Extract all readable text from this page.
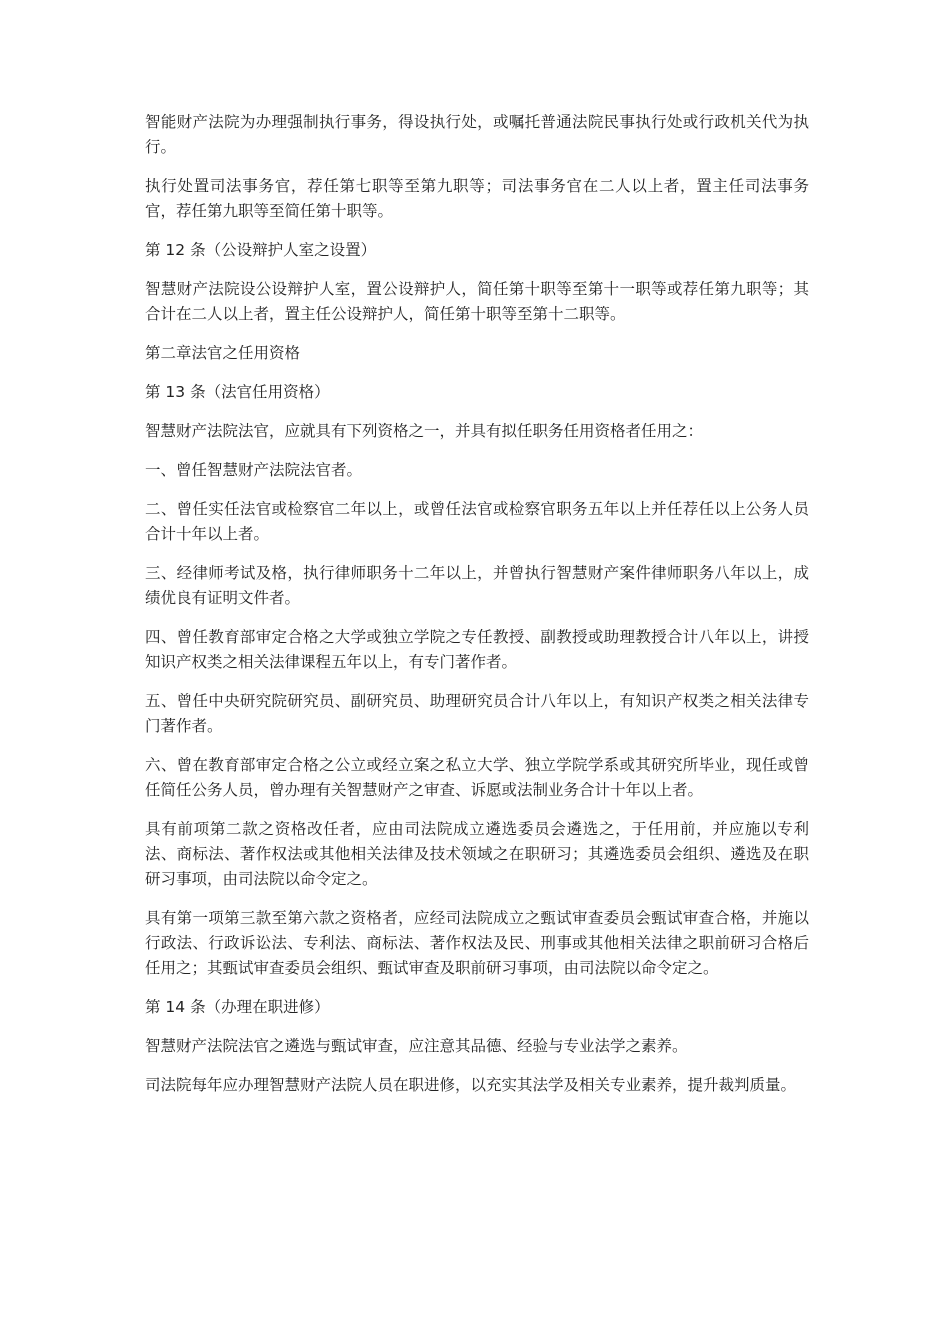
智能财产法院为办理强制执行事务，得设执行处，或嘱托普通法院民事执行处或行政机关代为执行。

执行处置司法事务官，荐任第七职等至第九职等；司法事务官在二人以上者，置主任司法事务官，荐任第九职等至简任第十职等。

第 12 条（公设辩护人室之设置）

智慧财产法院设公设辩护人室，置公设辩护人，简任第十职等至第十一职等或荐任第九职等；其合计在二人以上者，置主任公设辩护人，简任第十职等至第十二职等。

第二章法官之任用资格

第 13 条（法官任用资格）

智慧财产法院法官，应就具有下列资格之一，并具有拟任职务任用资格者任用之：

一、曾任智慧财产法院法官者。

二、曾任实任法官或检察官二年以上，或曾任法官或检察官职务五年以上并任荐任以上公务人员合计十年以上者。

三、经律师考试及格，执行律师职务十二年以上，并曾执行智慧财产案件律师职务八年以上，成绩优良有证明文件者。

四、曾任教育部审定合格之大学或独立学院之专任教授、副教授或助理教授合计八年以上，讲授知识产权类之相关法律课程五年以上，有专门著作者。

五、曾任中央研究院研究员、副研究员、助理研究员合计八年以上，有知识产权类之相关法律专门著作者。

六、曾在教育部审定合格之公立或经立案之私立大学、独立学院学系或其研究所毕业，现任或曾任简任公务人员，曾办理有关智慧财产之审查、诉愿或法制业务合计十年以上者。

具有前项第二款之资格改任者，应由司法院成立遴选委员会遴选之，于任用前，并应施以专利法、商标法、著作权法或其他相关法律及技术领域之在职研习；其遴选委员会组织、遴选及在职研习事项，由司法院以命令定之。

具有第一项第三款至第六款之资格者，应经司法院成立之甄试审查委员会甄试审查合格，并施以行政法、行政诉讼法、专利法、商标法、著作权法及民、刑事或其他相关法律之职前研习合格后任用之；其甄试审查委员会组织、甄试审查及职前研习事项，由司法院以命令定之。

第 14 条（办理在职进修）

智慧财产法院法官之遴选与甄试审查，应注意其品德、经验与专业法学之素养。

司法院每年应办理智慧财产法院人员在职进修，以充实其法学及相关专业素养，提升裁判质量。
